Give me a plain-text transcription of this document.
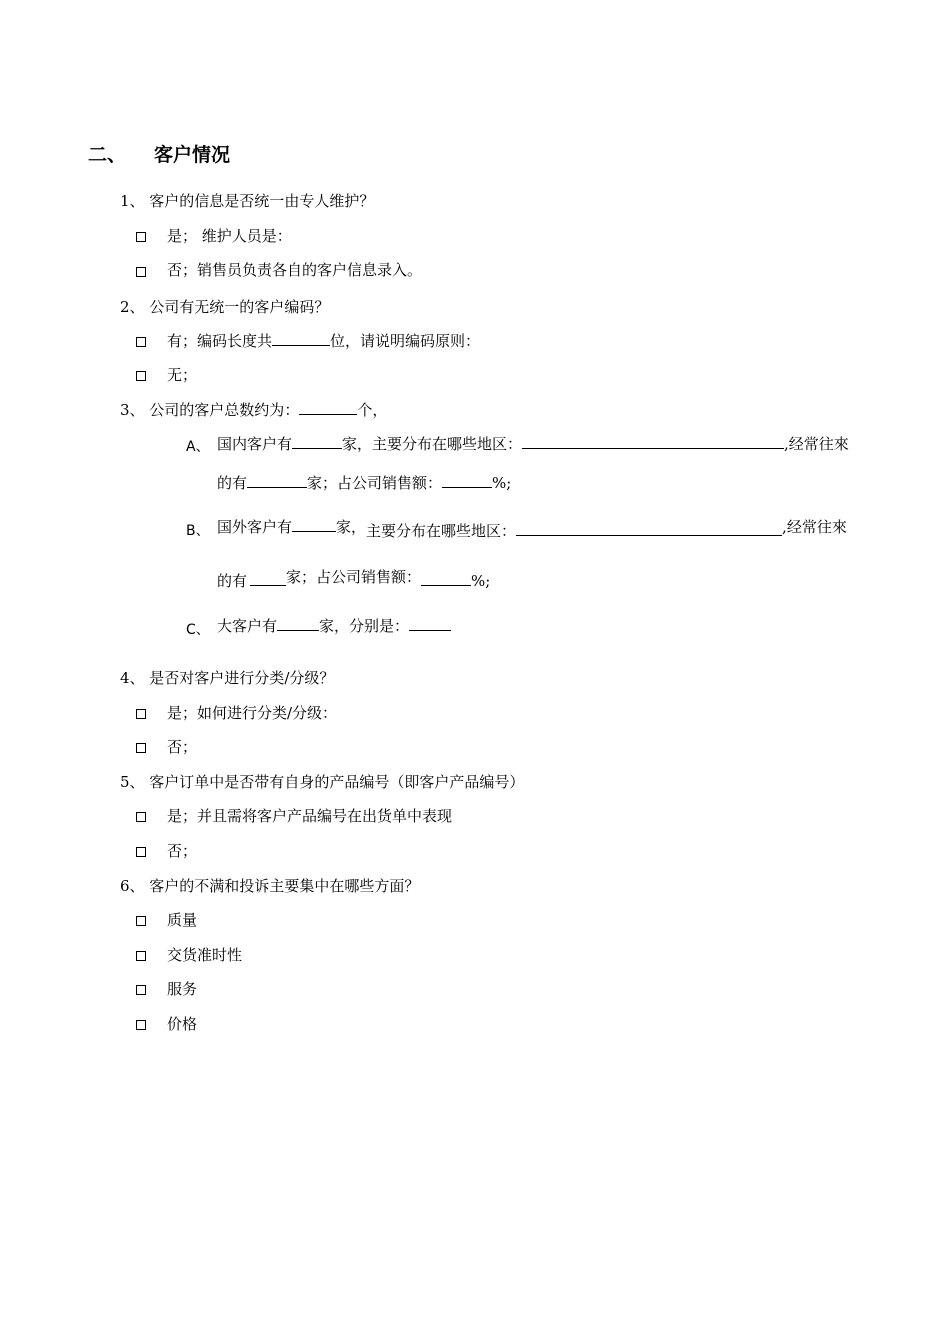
二、 客户情况
1、 客户的信息是否统一由专人维护？
是； 维护人员是：
否；销售员负责各自的客户信息录入。
2、 公司有无统一的客户编码？
有；编码长度共	位，请说明编码原则：
无；
3、 公司的客户总数约为：	个，
A、 国内客户有	家，主要分布在哪些地区：	,经常往來
的有	家；占公司销售额：	%;
B、 国外客户有	家，主要分布在哪些地区：	,经常往來
的有	家；占公司销售额：	%;
C、 大客户有	家，分别是：
4、 是否对客户进行分类/分级？
是；如何进行分类/分级：
否；
5、 客户订单中是否带有自身的产品编号（即客户产品编号）
是；并且需将客户产品编号在出货单中表现
否；
6、 客户的不满和投诉主要集中在哪些方面？
质量
交货准时性
服务
价格
